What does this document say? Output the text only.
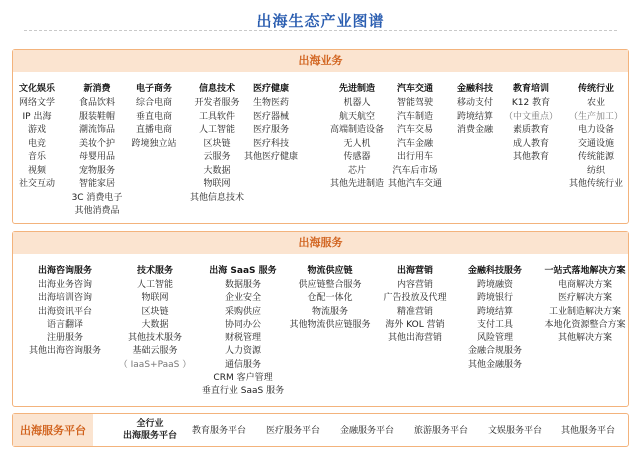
出海生态产业图谱
出海业务
文化娱乐
网络文学
IP 出海
游戏
电竞
音乐
视频
社交互动
新消费
食品饮料
服装鞋帽
潮流饰品
美妆个护
母婴用品
宠物服务
智能家居
3C 消费电子
其他消费品
电子商务
综合电商
垂直电商
直播电商
跨境独立站
信息技术
开发者服务
工具软件
人工智能
区块链
云服务
大数据
物联网
其他信息技术
医疗健康
生物医药
医疗器械
医疗服务
医疗科技
其他医疗健康
先进制造
机器人
航天航空
高端制造设备
无人机
传感器
芯片
其他先进制造
汽车交通
智能驾驶
汽车制造
汽车交易
汽车金融
出行用车
汽车后市场
其他汽车交通
金融科技
移动支付
跨境结算
消费金融
教育培训
K12 教育
（中文重点）
素质教育
成人教育
其他教育
传统行业
农业
（生产加工）
电力设备
交通设施
传统能源
纺织
其他传统行业
出海服务
出海咨询服务
出海业务咨询
出海培训咨询
出海资讯平台
语言翻译
注册服务
其他出海咨询服务
技术服务
人工智能
物联网
区块链
大数据
其他技术服务
基础云服务
（ IaaS+PaaS ）
出海 SaaS 服务
数据服务
企业安全
采购供应
协同办公
财税管理
人力资源
通信服务
CRM 客户管理
垂直行业 SaaS 服务
物流供应链
供应链整合服务
仓配一体化
物流服务
其他物流供应链服务
出海营销
内容营销
广告投放及代理
精准营销
海外 KOL 营销
其他出海营销
金融科技服务
跨境融资
跨境银行
跨境结算
支付工具
风险管理
金融合规服务
其他金融服务
一站式落地解决方案
电商解决方案
医疗解决方案
工业制造解决方案
本地化资源整合方案
其他解决方案
出海服务平台
全行业
出海服务平台 教育服务平台 医疗服务平台 金融服务平台 旅游服务平台 文娱服务平台 其他服务平台
